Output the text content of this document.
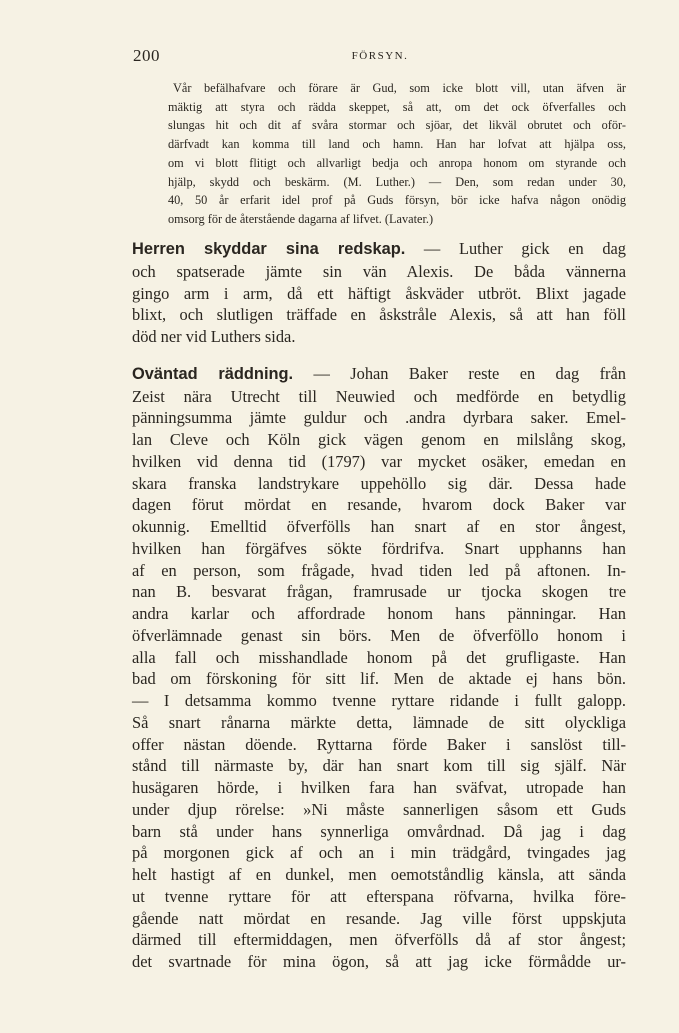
200	FÖRSYN.
Vår befälhafvare och förare är Gud, som icke blott vill, utan äfven är
mäktig att styra och rädda skeppet, så att, om det ock öfverfalles och
slungas hit och dit af svåra stormar och sjöar, det likväl obrutet och oför-
därfvadt kan komma till land och hamn. Han har lofvat att hjälpa oss,
om vi blott flitigt och allvarligt bedja och anropa honom om styrande och
hjälp, skydd och beskärm. (M. Luther.) — Den, som redan under 30,
40, 50 år erfarit idel prof på Guds försyn, bör icke hafva någon onödig
omsorg för de återstående dagarna af lifvet. (Lavater.)
Herren skyddar sina redskap. — Luther gick en dag
och spatserade jämte sin vän Alexis. De båda vännerna
gingo arm i arm, då ett häftigt åskväder utbröt. Blixt jagade
blixt, och slutligen träffade en åskstråle Alexis, så att han föll
död ner vid Luthers sida.
Oväntad räddning. — Johan Baker reste en dag från
Zeist nära Utrecht till Neuwied och medförde en betydlig
pänningsumma jämte guldur och .andra dyrbara saker. Emel-
lan Cleve och Köln gick vägen genom en milslång skog,
hvilken vid denna tid (1797) var mycket osäker, emedan en
skara franska landstrykare uppehöllo sig där. Dessa hade
dagen förut mördat en resande, hvarom dock Baker var
okunnig. Emelltid öfverfölls han snart af en stor ångest,
hvilken han förgäfves sökte fördrifva. Snart upphanns han
af en person, som frågade, hvad tiden led på aftonen. In-
nan B. besvarat frågan, framrusade ur tjocka skogen tre
andra karlar och affordrade honom hans pänningar. Han
öfverlämnade genast sin börs. Men de öfverföllo honom i
alla fall och misshandlade honom på det grufligaste. Han
bad om förskoning för sitt lif. Men de aktade ej hans bön.
— I detsamma kommo tvenne ryttare ridande i fullt galopp.
Så snart rånarna märkte detta, lämnade de sitt olyckliga
offer nästan döende. Ryttarna förde Baker i sanslöst till-
stånd till närmaste by, där han snart kom till sig själf. När
husägaren hörde, i hvilken fara han sväfvat, utropade han
under djup rörelse: »Ni måste sannerligen såsom ett Guds
barn stå under hans synnerliga omvårdnad. Då jag i dag
på morgonen gick af och an i min trädgård, tvingades jag
helt hastigt af en dunkel, men oemotståndlig känsla, att sända
ut tvenne ryttare för att efterspana röfvarna, hvilka före-
gående natt mördat en resande. Jag ville först uppskjuta
därmed till eftermiddagen, men öfverfölls då af stor ångest;
det svartnade för mina ögon, så att jag icke förmådde ur-
